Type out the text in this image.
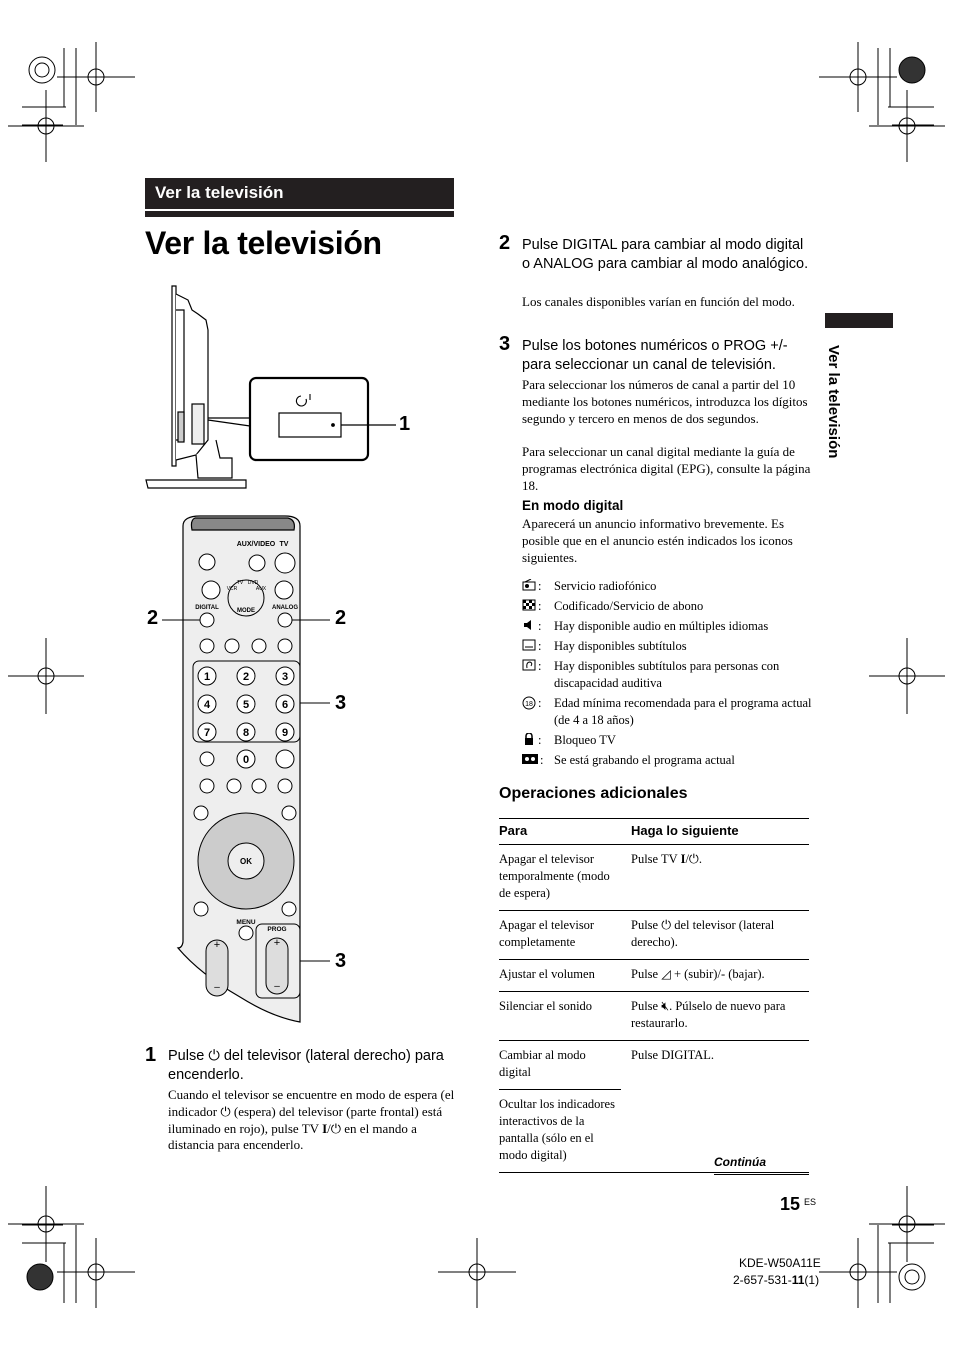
Ver la televisión
Ver la televisión
Ver la televisión
1
AUX/VIDEO TV
DIGITAL	ANALOG
MODE
VCR
TV DVD
AUX
1	2	3
4	5	6
7	8	9
0
OK
MENU
PROG
+
–
+
–
2	2
3
3
1 Pulse ⏻ del televisor (lateral derecho) para encenderlo.
Cuando el televisor se encuentre en modo de espera (el indicador ⏻ (espera) del televisor (parte frontal) está iluminado en rojo), pulse TV I/⏻ en el mando a distancia para encenderlo.
2 Pulse DIGITAL para cambiar al modo digital o ANALOG para cambiar al modo analógico.
Los canales disponibles varían en función del modo.
3 Pulse los botones numéricos o PROG +/- para seleccionar un canal de televisión.
Para seleccionar los números de canal a partir del 10 mediante los botones numéricos, introduzca los dígitos segundo y tercero en menos de dos segundos.
Para seleccionar un canal digital mediante la guía de programas electrónica digital (EPG), consulte la página 18.
En modo digital
Aparecerá un anuncio informativo brevemente. Es posible que en el anuncio estén indicados los iconos siguientes.
: Servicio radiofónico
: Codificado/Servicio de abono
: Hay disponible audio en múltiples idiomas
: Hay disponibles subtítulos
: Hay disponibles subtítulos para personas con discapacidad auditiva
18 : Edad mínima recomendada para el programa actual (de 4 a 18 años)
: Bloqueo TV
: Se está grabando el programa actual
Operaciones adicionales
Para	Haga lo siguiente
Apagar el televisor temporalmente (modo de espera)	Pulse TV I/⏻.
Apagar el televisor completamente	Pulse ⏻ del televisor (lateral derecho).
Ajustar el volumen	Pulse ◿ + (subir)/- (bajar).
Silenciar el sonido	Pulse 🔇︎. Púlselo de nuevo para restaurarlo.
Cambiar al modo digital	Pulse DIGITAL.
Ocultar los indicadores interactivos de la pantalla (sólo en el modo digital)		Continúa
15 ES
KDE-W50A11E
2-657-531-11(1)
